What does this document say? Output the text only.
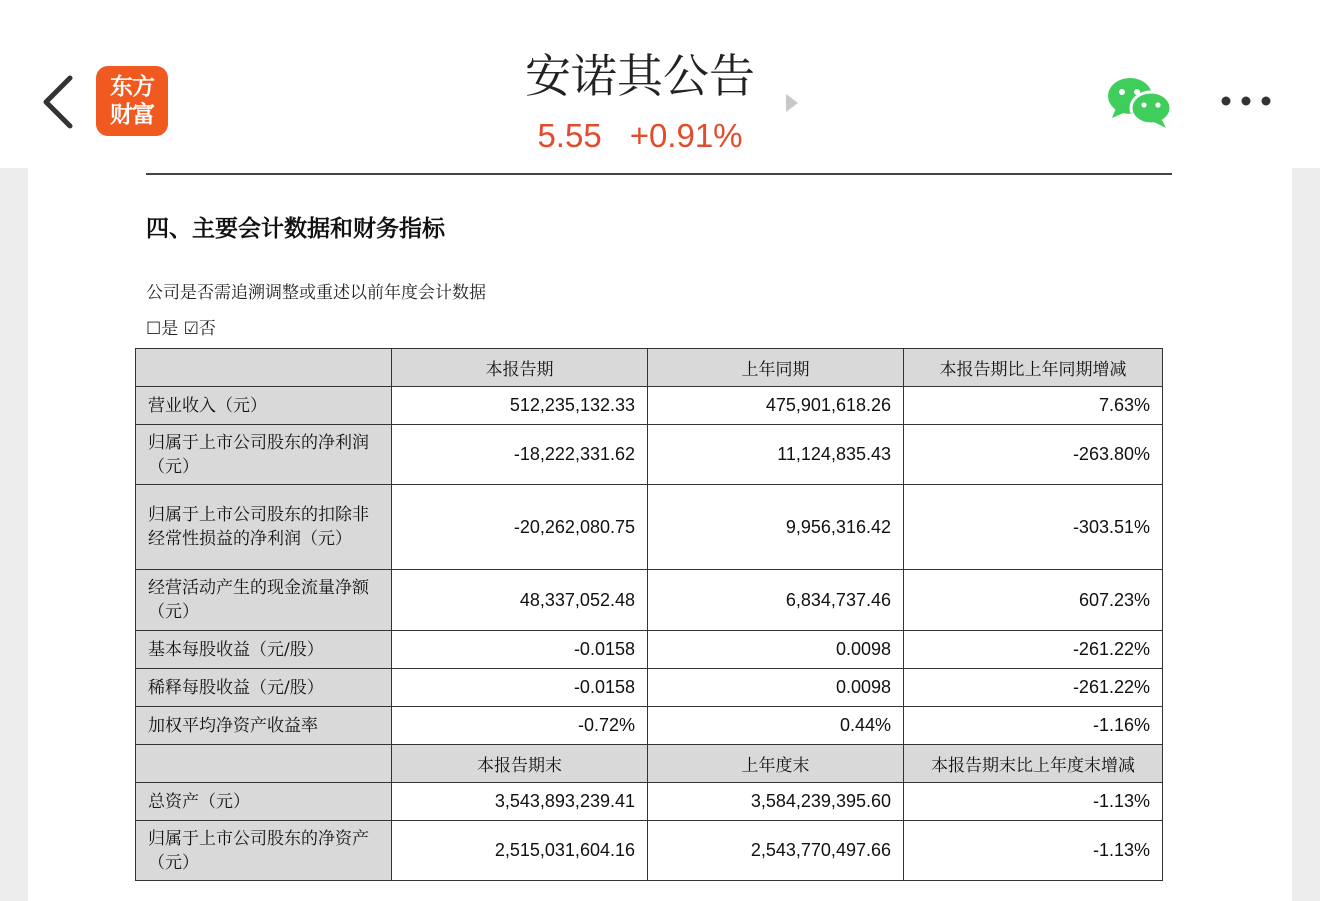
东方
财富
安诺其公告
5.55 +0.91%
四、主要会计数据和财务指标
公司是否需追溯调整或重述以前年度会计数据
☐是 ☑否
	本报告期	上年同期	本报告期比上年同期增减
营业收入（元）	512,235,132.33	475,901,618.26	7.63%
归属于上市公司股东的净利润（元）	-18,222,331.62	11,124,835.43	-263.80%
归属于上市公司股东的扣除非经常性损益的净利润（元）	-20,262,080.75	9,956,316.42	-303.51%
经营活动产生的现金流量净额（元）	48,337,052.48	6,834,737.46	607.23%
基本每股收益（元/股）	-0.0158	0.0098	-261.22%
稀释每股收益（元/股）	-0.0158	0.0098	-261.22%
加权平均净资产收益率	-0.72%	0.44%	-1.16%
	本报告期末	上年度末	本报告期末比上年度末增减
总资产（元）	3,543,893,239.41	3,584,239,395.60	-1.13%
归属于上市公司股东的净资产（元）	2,515,031,604.16	2,543,770,497.66	-1.13%
